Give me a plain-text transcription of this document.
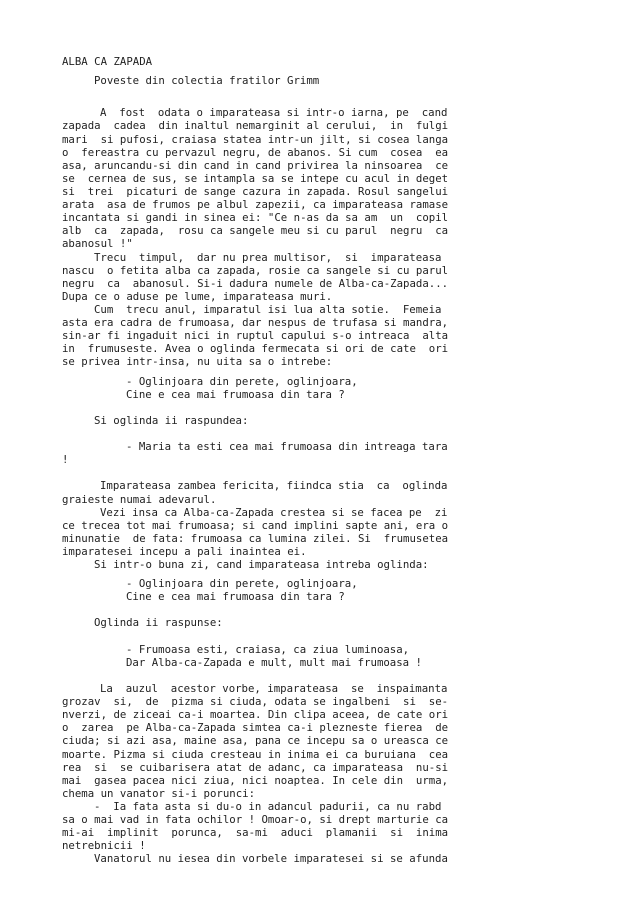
ALBA CA ZAPADA
Poveste din colectia fratilor Grimm
A  fost  odata o imparateasa si intr-o iarna, pe  cand
zapada  cadea  din inaltul nemarginit al cerului,  in  fulgi
mari  si pufosi, craiasa statea intr-un jilt, si cosea langa
o  fereastra cu pervazul negru, de abanos. Si cum  cosea  ea
asa, aruncandu-si din cand in cand privirea la ninsoarea  ce
se  cernea de sus, se intampla sa se intepe cu acul in deget
si  trei  picaturi de sange cazura in zapada. Rosul sangelui
arata  asa de frumos pe albul zapezii, ca imparateasa ramase
incantata si gandi in sinea ei: "Ce n-as da sa am  un  copil
alb  ca  zapada,  rosu ca sangele meu si cu parul  negru  ca
abanosul !"
Trecu  timpul,  dar nu prea multisor,  si  imparateasa
nascu  o fetita alba ca zapada, rosie ca sangele si cu parul
negru  ca  abanosul. Si-i dadura numele de Alba-ca-Zapada...
Dupa ce o aduse pe lume, imparateasa muri.
Cum  trecu anul, imparatul isi lua alta sotie.  Femeia
asta era cadra de frumoasa, dar nespus de trufasa si mandra,
sin-ar fi ingaduit nici in ruptul capului s-o intreaca  alta
in  frumuseste. Avea o oglinda fermecata si ori de cate  ori
se privea intr-insa, nu uita sa o intrebe:
- Oglinjoara din perete, oglinjoara,
Cine e cea mai frumoasa din tara ?
Si oglinda ii raspundea:
- Maria ta esti cea mai frumoasa din intreaga tara
!
Imparateasa zambea fericita, fiindca stia  ca  oglinda
graieste numai adevarul.
Vezi insa ca Alba-ca-Zapada crestea si se facea pe  zi
ce trecea tot mai frumoasa; si cand implini sapte ani, era o
minunatie  de fata: frumoasa ca lumina zilei. Si  frumusetea
imparatesei incepu a pali inaintea ei.
Si intr-o buna zi, cand imparateasa intreba oglinda:
- Oglinjoara din perete, oglinjoara,
Cine e cea mai frumoasa din tara ?
Oglinda ii raspunse:
- Frumoasa esti, craiasa, ca ziua luminoasa,
Dar Alba-ca-Zapada e mult, mult mai frumoasa !
La  auzul  acestor vorbe, imparateasa  se  inspaimanta
grozav  si,  de  pizma si ciuda, odata se ingalbeni  si  se-
nverzi, de ziceai ca-i moartea. Din clipa aceea, de cate ori
o  zarea  pe Alba-ca-Zapada simtea ca-i plezneste fierea  de
ciuda; si azi asa, maine asa, pana ce incepu sa o ureasca ce
moarte. Pizma si ciuda cresteau in inima ei ca buruiana  cea
rea  si  se cuibarisera atat de adanc, ca imparateasa  nu-si
mai  gasea pacea nici ziua, nici noaptea. In cele din  urma,
chema un vanator si-i porunci:
-  Ia fata asta si du-o in adancul padurii, ca nu rabd
sa o mai vad in fata ochilor ! Omoar-o, si drept marturie ca
mi-ai  implinit  porunca,  sa-mi  aduci  plamanii  si  inima
netrebnicii !
Vanatorul nu iesea din vorbele imparatesei si se afunda
